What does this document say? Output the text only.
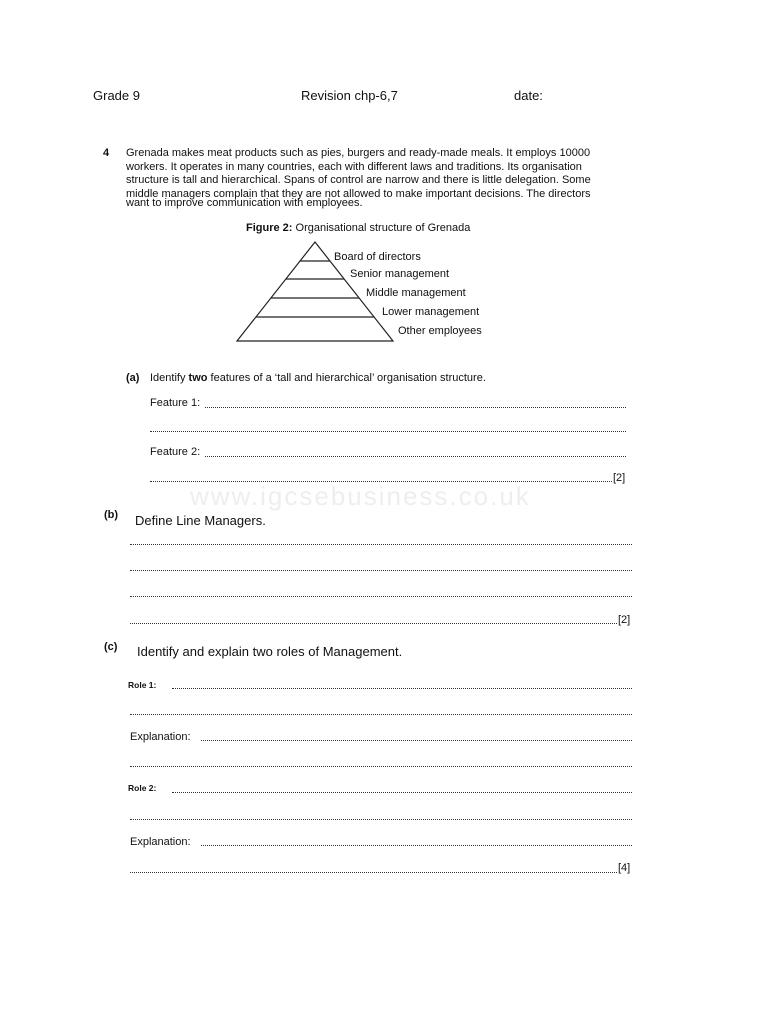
Grade 9	Revision chp-6,7	date:
4 Grenada makes meat products such as pies, burgers and ready-made meals. It employs 10000
workers. It operates in many countries, each with different laws and traditions. Its organisation
structure is tall and hierarchical. Spans of control are narrow and there is little delegation. Some
middle managers complain that they are not allowed to make important decisions. The directors
want to improve communication with employees.
Figure 2: Organisational structure of Grenada
Board of directors
Senior management
Middle management
Lower management
Other employees
(a) Identify two features of a ‘tall and hierarchical’ organisation structure.
Feature 1:
Feature 2:
[2]
www.igcsebusiness.co.uk
(b) Define Line Managers.
[2]
(c) Identify and explain two roles of Management.
Role 1:
Explanation:
Role 2:
Explanation:
[4]
